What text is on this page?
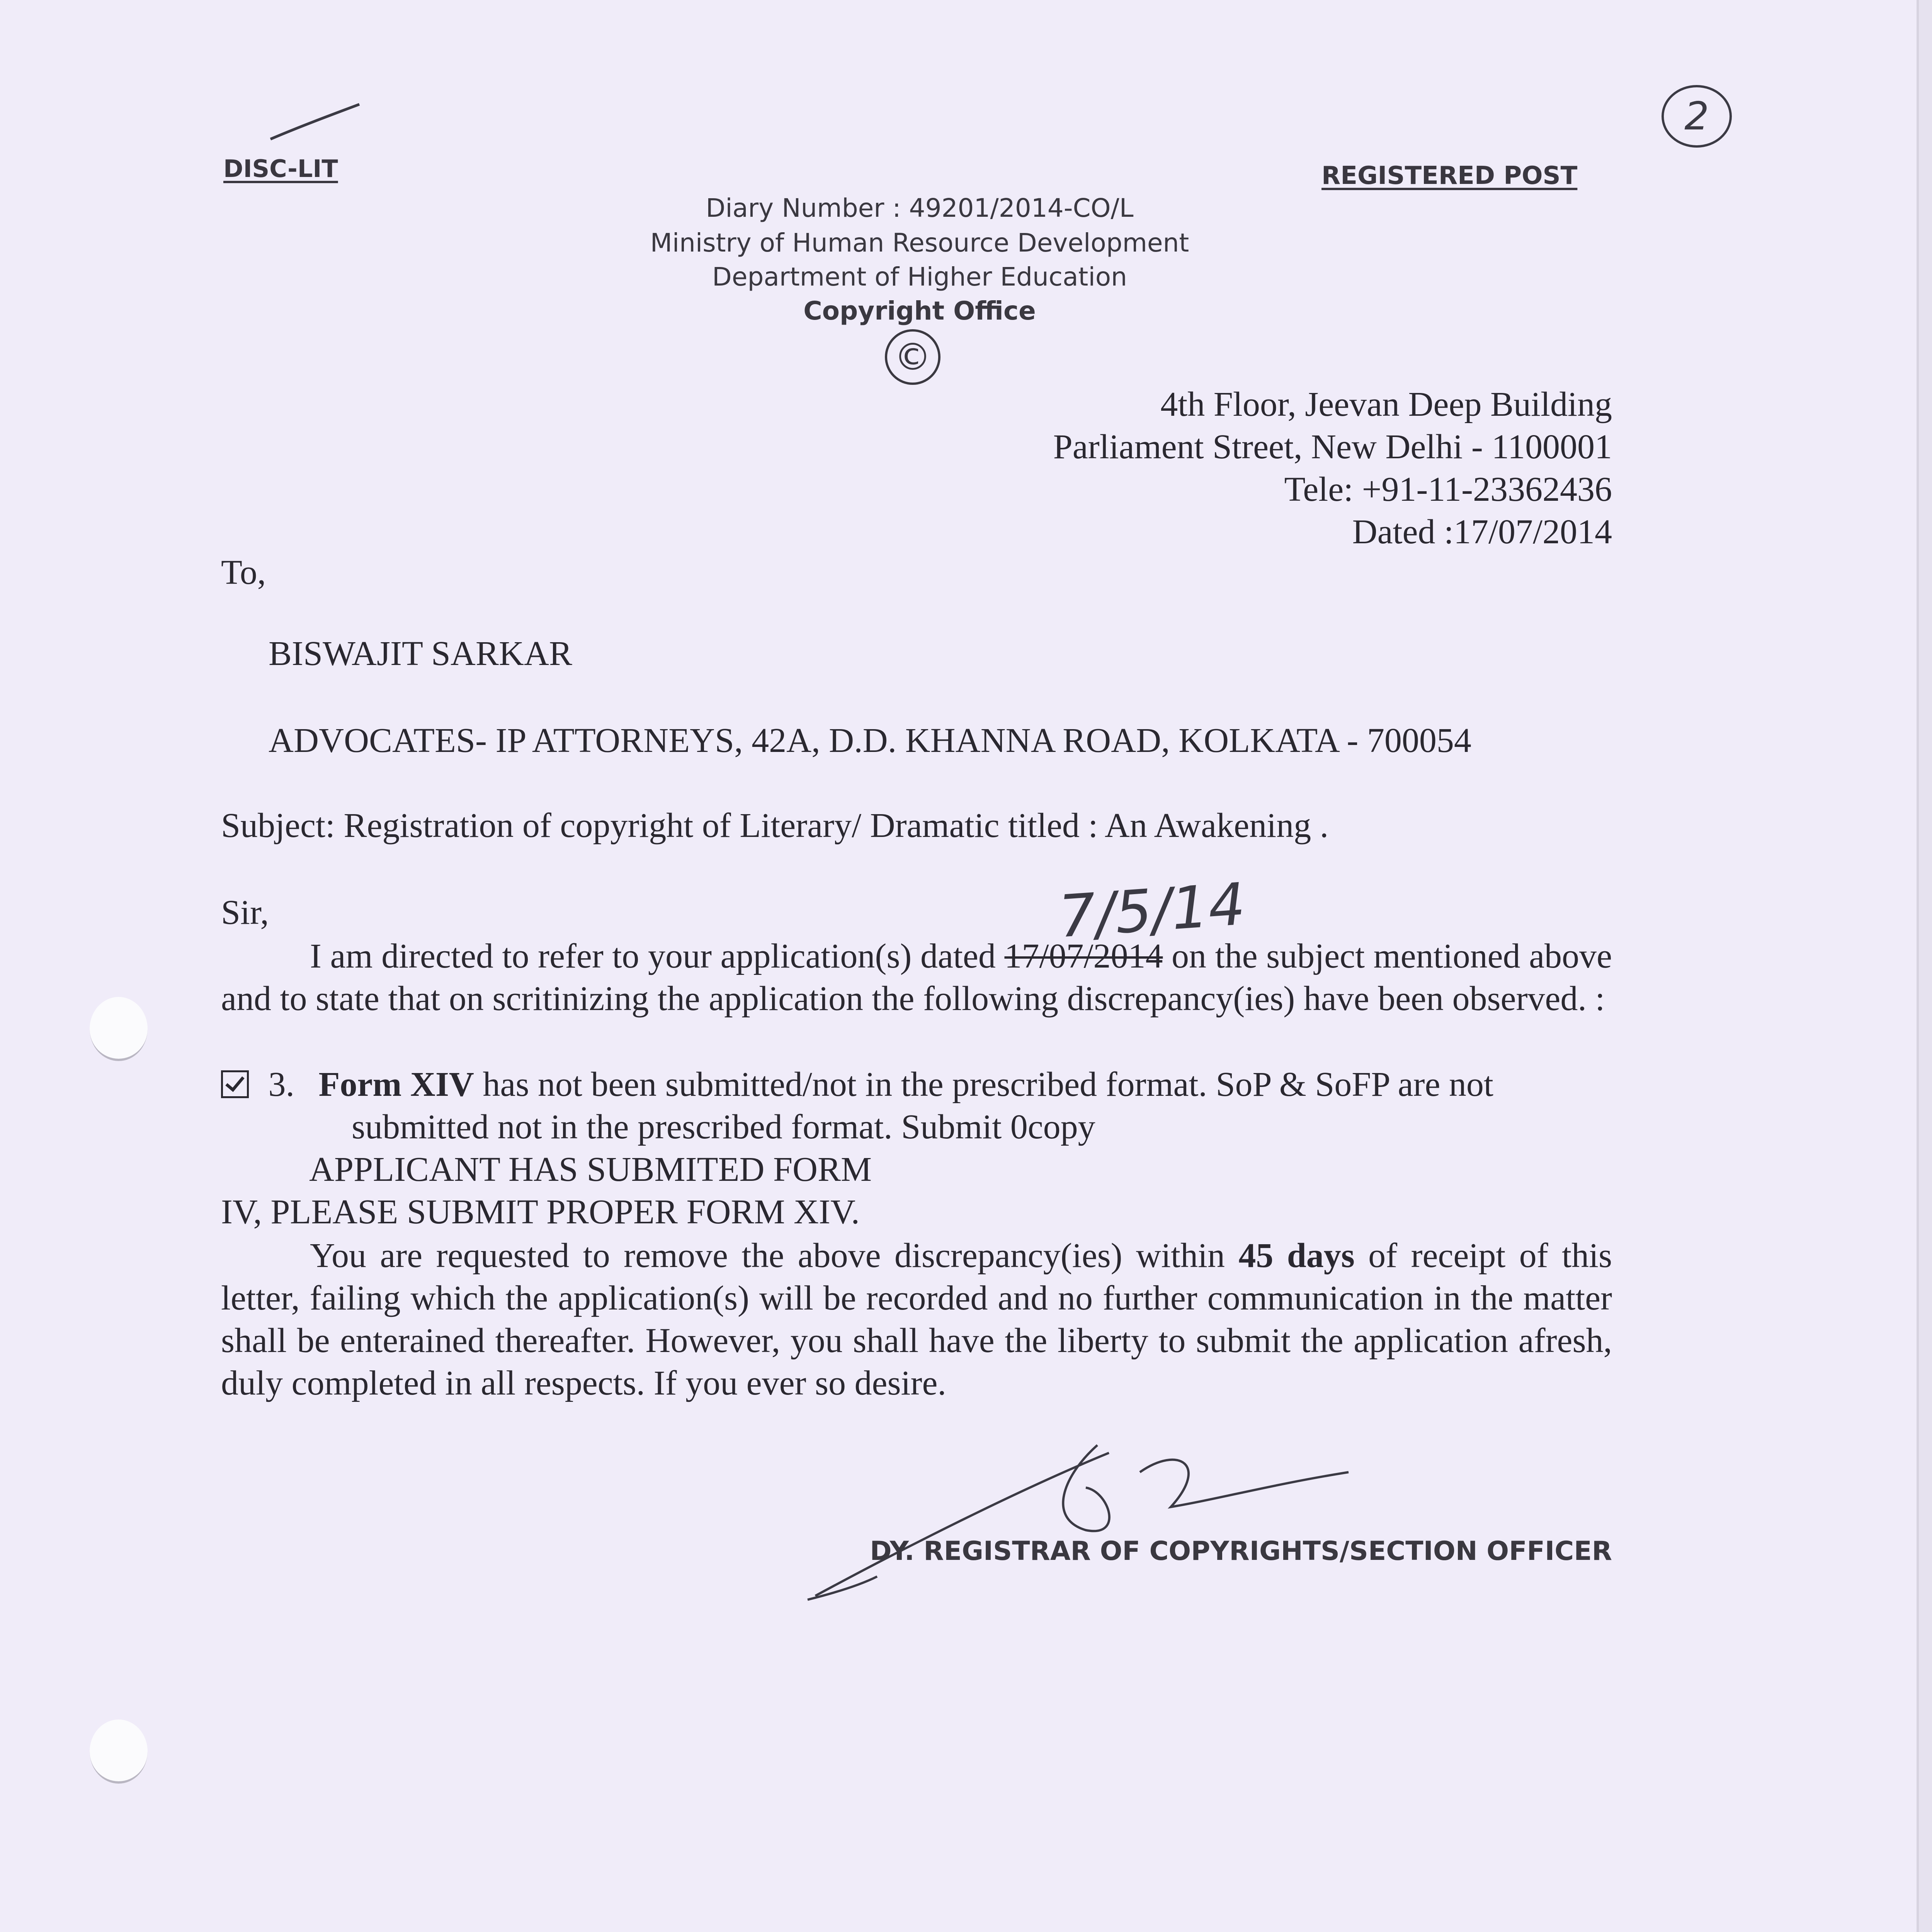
DISC-LIT	REGISTERED POST
2
Diary Number : 49201/2014-CO/L
Ministry of Human Resource Development
Department of Higher Education
Copyright Office
©
4th Floor, Jeevan Deep Building
Parliament Street, New Delhi - 1100001
Tele: +91-11-23362436
Dated :17/07/2014
To,
BISWAJIT SARKAR
ADVOCATES- IP ATTORNEYS, 42A, D.D. KHANNA ROAD, KOLKATA - 700054
Subject: Registration of copyright of Literary/ Dramatic titled : An Awakening .
Sir,	7/5/14
I am directed to refer to your application(s) dated 17/07/2014 on the subject mentioned above and to state that on scritinizing the application the following discrepancy(ies) have been observed. :
3. Form XIV has not been submitted/not in the prescribed format. SoP & SoFP are not
submitted not in the prescribed format. Submit 0copy
APPLICANT HAS SUBMITED FORM
IV, PLEASE SUBMIT PROPER FORM XIV.
You are requested to remove the above discrepancy(ies) within 45 days of receipt of this letter, failing which the application(s) will be recorded and no further communication in the matter shall be enterained thereafter. However, you shall have the liberty to submit the application afresh, duly completed in all respects. If you ever so desire.
DY. REGISTRAR OF COPYRIGHTS/SECTION OFFICER
